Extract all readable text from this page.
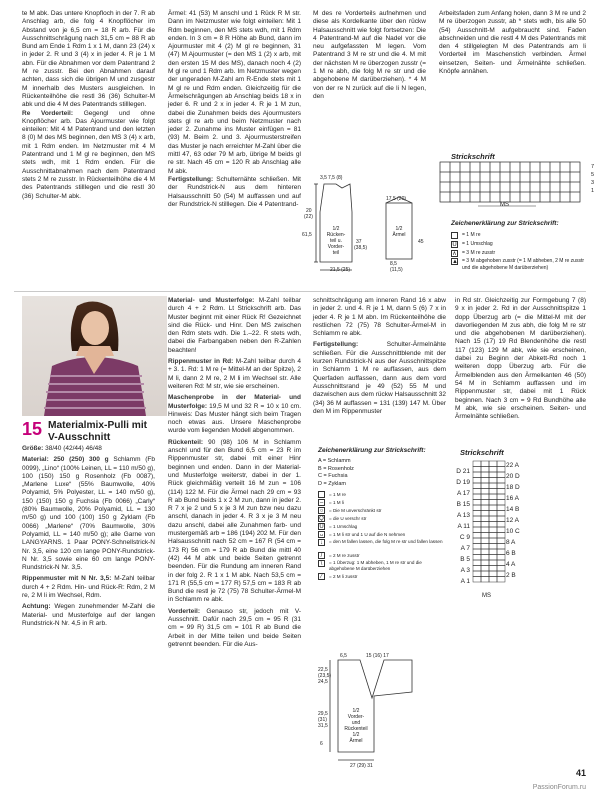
te M abk. Das untere Knopfloch in der 7. R ab Anschlag arb, die folg 4 Knopflöcher im Abstand von je 6,5 cm = 18 R arb. Für die Ausschnittschrägung nach 31,5 cm = 88 R ab Bund am Ende 1 Rdm 1 x 1 M, dann 23 (24) x in jeder 2. R und 3 (4) x in jeder 4. R je 1 M abn. Für die Abnahmen vor dem Patentrand 2 M re zusstr. Bei den Abnahmen darauf achten, dass sich die übrigen M und zusgestr M innerhalb des Musters ausgleichen. In Rückenteilhöhe die restl 36 (36) Schulter-M abk und die 4 M des Patentrands stilllegen.

Re Vorderteil: Gegengl und ohne Knopflöcher arb. Das Ajourmuster wie folgt einteilen: Mit 4 M Patentrand und den letzten 8 (0) M des MS beginnen, den MS 3 (4) x arb, mit 1 Rdm enden. Im Netzmuster mit 4 M Patentrand und 1 M gl re beginnen, den MS stets wdh, mit 1 Rdm enden. Für die Ausschnittabnahmen nach dem Patentrand stets 2 M re zusstr. In Rückenteilhöhe die 4 M des Patentrands stilllegen und die restl 30 (36) Schulter-M abk.

Ärmel: 41 (53) M anschl und 1 Rück R M str. Dann im Netzmuster wie folgt einteilen: Mit 1 Rdm beginnen, den MS stets wdh, mit 1 Rdm enden. In 3 cm = 8 R Höhe ab Bund, dann im Ajourmuster mit 4 (2) M gl re beginnen, 31 (47) M Ajourmuster (= den MS 1 (2) x arb, mit den ersten 15 M des MS), danach noch 4 (2) M gl re und 1 Rdm arb. Im Netzmuster wegen der ungeraden M-Zahl am R-Ende stets mit 1 M gl re und Rdm enden. Gleichzeitig für die Ärmelschrägungen ab Anschlag beids 18 x in jeder 6. R und 2 x in jeder 4. R je 1 M zun, dabei die Zunahmen beids des Ajourmusters stets gl re arb und beim Netzmuster nach jeder 2. Zunahme ins Muster einfügen = 81 (93) M. Beim 2. und 3. Ajourmusterstreifen das Muster je nach erreichter M-Zahl über die mittl 47, 63 oder 79 M arb, übrige M beids gl re str. Nach 45 cm = 120 R ab Anschlag alle M abk.

Fertigstellung: Schulternähte schließen. Mit der Rundstrick-N aus dem hinteren Halsausschnitt 50 (54) M auffassen und auf der Rundstrick-N stilllegen. Die 4 Patentrand-

M des re Vorderteils aufnehmen und diese als Kordelkante über den rückw Halsausschnitt wie folgt fortsetzen: Die 4 Patentrand-M auf die Nadel vor die neu aufgefassten M legen. Vom Patentrand 3 M re str und die 4. M mit der nächsten M re überzogen zusstr (= 1 M re abh, die folg M re str und die abgehobene M darüberziehen). * 4 M von der re N zurück auf die li N legen, den

Arbeitsfaden zum Anfang holen, dann 3 M re und 2 M re überzogen zusstr, ab * stets wdh, bis alle 50 (54) Ausschnitt-M aufgebraucht sind. Faden abschneiden und die restl 4 M des Patentrands mit den 4 stillgelegten M des Patentrands am li Vorderteil im Maschenstich verbinden. Ärmel einsetzen, Seiten- und Ärmelnähte schließen. Knöpfe annähen.

1/2 Rücken-teil u. Vorder-teil
1/2 Ärmel
3,5 7,5 (8)
17,5 (20)
20
(22)
61,5
37
(38,5)
45
21,5 (25)
8,5
(11,5)
Strickschrift
MS
7
5
3
1
Zeichenerklärung zur Strickschrift:
= 1 M re
U = 1 Umschlag
∧ = 3 M re zusstr
▲ = 3 M abgehoben zusstr (= 1 M abheben, 2 M re zusstr und die abgehobene M darüberziehen)
15 Materialmix-Pulli mit V-Ausschnitt

Größe: 38/40 (42/44) 46/48

Material: 250 (250) 300 g Schlamm (Fb 0099), „Lino“ (100% Leinen, LL = 110 m/50 g), 100 (150) 150 g Rosenholz (Fb 0087), „Marlene Luxe“ (55% Baumwolle, 40% Polyamid, 5% Polyester, LL = 140 m/50 g), 150 (150) 150 g Fuchsia (Fb 0066) „Carly“ (80% Baumwolle, 20% Polyamid, LL = 130 m/50 g) und 100 (100) 150 g Zyklam (Fb 0066) „Marlene“ (70% Baumwolle, 30% Polyamid, LL = 140 m/50 g); alle Garne von LANGYARNS. 1 Paar PONY-Schnellstrick-N Nr. 3,5, eine 120 cm lange PONY-Rundstrick-N Nr. 3,5 sowie eine 60 cm lange PONY-Rundstrick-N Nr. 3,5.

Rippenmuster mit N Nr. 3,5: M-Zahl teilbar durch 4 + 2 Rdm. Hin- und Rück-R: Rdm, 2 M re, 2 M li im Wechsel, Rdm.

Achtung: Wegen zunehmender M-Zahl die Material- und Musterfolge auf der langen Rundstrick-N Nr. 4,5 in R arb.

Material- und Musterfolge: M-Zahl teilbar durch 4 + 2 Rdm. Lt Strickschrift arb. Das Muster beginnt mit einer Rück R! Gezeichnet sind die Rück- und Hinr. Den MS zwischen den Rdm stets wdh. Die 1.–22. R stets wdh, dabei die Farbangaben neben den R-Zahlen beachten!

Rippenmuster in Rd: M-Zahl teilbar durch 4 + 3. 1. Rd: 1 M re (= Mittel-M an der Spitze), 2 M li, dann 2 M re, 2 M li im Wechsel str. Alle weiteren Rd: M str, wie sie erscheinen.

Maschenprobe in der Material- und Musterfolge: 19,5 M und 32 R = 10 x 10 cm. Hinweis: Das Muster hängt sich beim Tragen noch etwas aus. Unsere Maschenprobe wurde vom liegenden Modell abgenommen.

Rückenteil: 90 (98) 106 M in Schlamm anschl und für den Bund 6,5 cm = 23 R im Rippenmuster str, dabei mit einer Hinr beginnen und enden. Dann in der Material- und Musterfolge weiterstr, dabei in der 1. Rück gleichmäßig verteilt 16 M zun = 106 (114) 122 M. Für die Ärmel nach 29 cm = 93 R ab Bund beids 1 x 2 M zun, dann in jeder 2. R 7 x je 2 und 5 x je 3 M zun bzw neu dazu anschl, danach in jeder 4. R 3 x je 3 M neu dazu anschl, dabei alle Zunahmen farb- und mustergemäß arb = 186 (194) 202 M. Für den Halsausschnitt nach 52 cm = 167 R (54 cm = 173 R) 56 cm = 179 R ab Bund die mittl 40 (42) 44 M abk und beide Seiten getrennt beenden. Für die Rundung am inneren Rand in der folg 2. R 1 x 1 M abk. Nach 53,5 cm = 171 R (55,5 cm = 177 R) 57,5 cm = 183 R ab Bund die restl je 72 (75) 78 Schulter-Ärmel-M in Schlamm re abk.

Vorderteil: Genauso str, jedoch mit V-Ausschnitt. Dafür nach 29,5 cm = 95 R (31 cm = 99 R) 31,5 cm = 101 R ab Bund die Arbeit in der Mitte teilen und beide Seiten getrennt beenden. Für die Aus-

schnittschrägung am inneren Rand 16 x abw in jeder 2. und 4. R je 1 M, dann 5 (6) 7 x in jeder 4. R je 1 M abn. Im Rückenteilhöhe die restlichen 72 (75) 78 Schulter-Ärmel-M in Schlamm re abk.

Fertigstellung: Schulter-Ärmelnähte schließen. Für die Ausschnittblende mit der kurzen Rundstrick-N aus der Ausschnittspitze in Schlamm 1 M re auffassen, aus dem Querfaden auffassen, dann aus dem vord Ausschnittsrand je 49 (52) 55 M und dazwischen aus dem rückw Halsausschnitt 32 (34) 36 M auffassen = 131 (139) 147 M. Über den M im Rippenmuster

in Rd str. Gleichzeitig zur Formgebung 7 (8) 9 x in jeder 2. Rd in der Ausschnittspitze 1 dopp Überzug arb (= die Mittel-M mit der davorliegenden M zus abh, die folg M re str und die abgehobenen M darüberziehen). Nach 15 (17) 19 Rd Blendenhöhe die restl 117 (123) 129 M abk, wie sie erscheinen, dabei zu Beginn der Abkett-Rd noch 1 weiteren dopp Überzug arb. Für die Ärmelblenden aus den Ärmelkanten 46 (50) 54 M in Schlamm auffassen und im Rippenmuster str, dabei mit 1 Rück beginnen. Nach 3 cm = 9 Rd Bundhöhe alle M abk, wie sie erscheinen. Seiten- und Ärmelnähte schließen.

Zeichenerklärung zur Strickschrift:
A = Schlamm
B = Rosenholz
C = Fuchsia
D = Zyklam
= 1 M re
–	= 1 M li
○	= Die M unverschränkt str
Q = die U verschr str
U = 1 Umschlag
ᴗ	= 1 M li str und 1 U auf die N nehmen
↓	= den M fallen lassen, die folg M re str und fallen lassen
/	= 2 M re zusstr
\	= 1 Überzug: 1 M abheben, 1 M re str und die abgehobene M darüberziehen
⁄	= 2 M li zusstr
1/2 Vorder-und Rückenteil 1/2 Ärmel
6,5	15 (16) 17
22,5
(23,5)
24,5
29,5
(31)
31,5
6
27 (29) 31
Strickschrift
D 21
D 19
A 17
B 15
A 13
A 11
C 9
A 7
B 5
A 3
A 1
22 A
20 D
18 D
16 A
14 B
12 A
10 C
8 A
6 B
4 A
2 B
MS
41
PassionForum.ru
